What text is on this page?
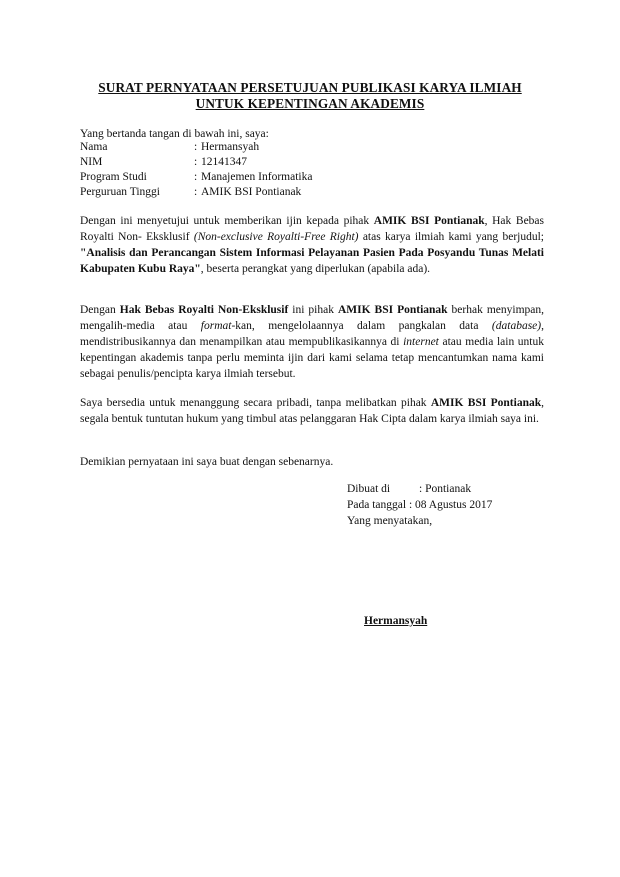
SURAT PERNYATAAN PERSETUJUAN PUBLIKASI KARYA ILMIAH
UNTUK KEPENTINGAN AKADEMIS
Yang bertanda tangan di bawah ini, saya:
Nama	: Hermansyah
NIM	: 12141347
Program Studi	: Manajemen Informatika
Perguruan Tinggi	: AMIK BSI Pontianak
Dengan ini menyetujui untuk memberikan ijin kepada pihak AMIK BSI Pontianak, Hak Bebas Royalti Non- Eksklusif (Non-exclusive Royalti-Free Right) atas karya ilmiah kami yang berjudul; "Analisis dan Perancangan Sistem Informasi Pelayanan Pasien Pada Posyandu Tunas Melati Kabupaten Kubu Raya", beserta perangkat yang diperlukan (apabila ada).
Dengan Hak Bebas Royalti Non-Eksklusif ini pihak AMIK BSI Pontianak berhak menyimpan, mengalih-media atau format-kan, mengelolaannya dalam pangkalan data (database), mendistribusikannya dan menampilkan atau mempublikasikannya di internet atau media lain untuk kepentingan akademis tanpa perlu meminta ijin dari kami selama tetap mencantumkan nama kami sebagai penulis/pencipta karya ilmiah tersebut.
Saya bersedia untuk menanggung secara pribadi, tanpa melibatkan pihak AMIK BSI Pontianak, segala bentuk tuntutan hukum yang timbul atas pelanggaran Hak Cipta dalam karya ilmiah saya ini.
Demikian pernyataan ini saya buat dengan sebenarnya.
Dibuat di	: Pontianak
Pada tanggal : 08 Agustus 2017
Yang menyatakan,
Hermansyah
